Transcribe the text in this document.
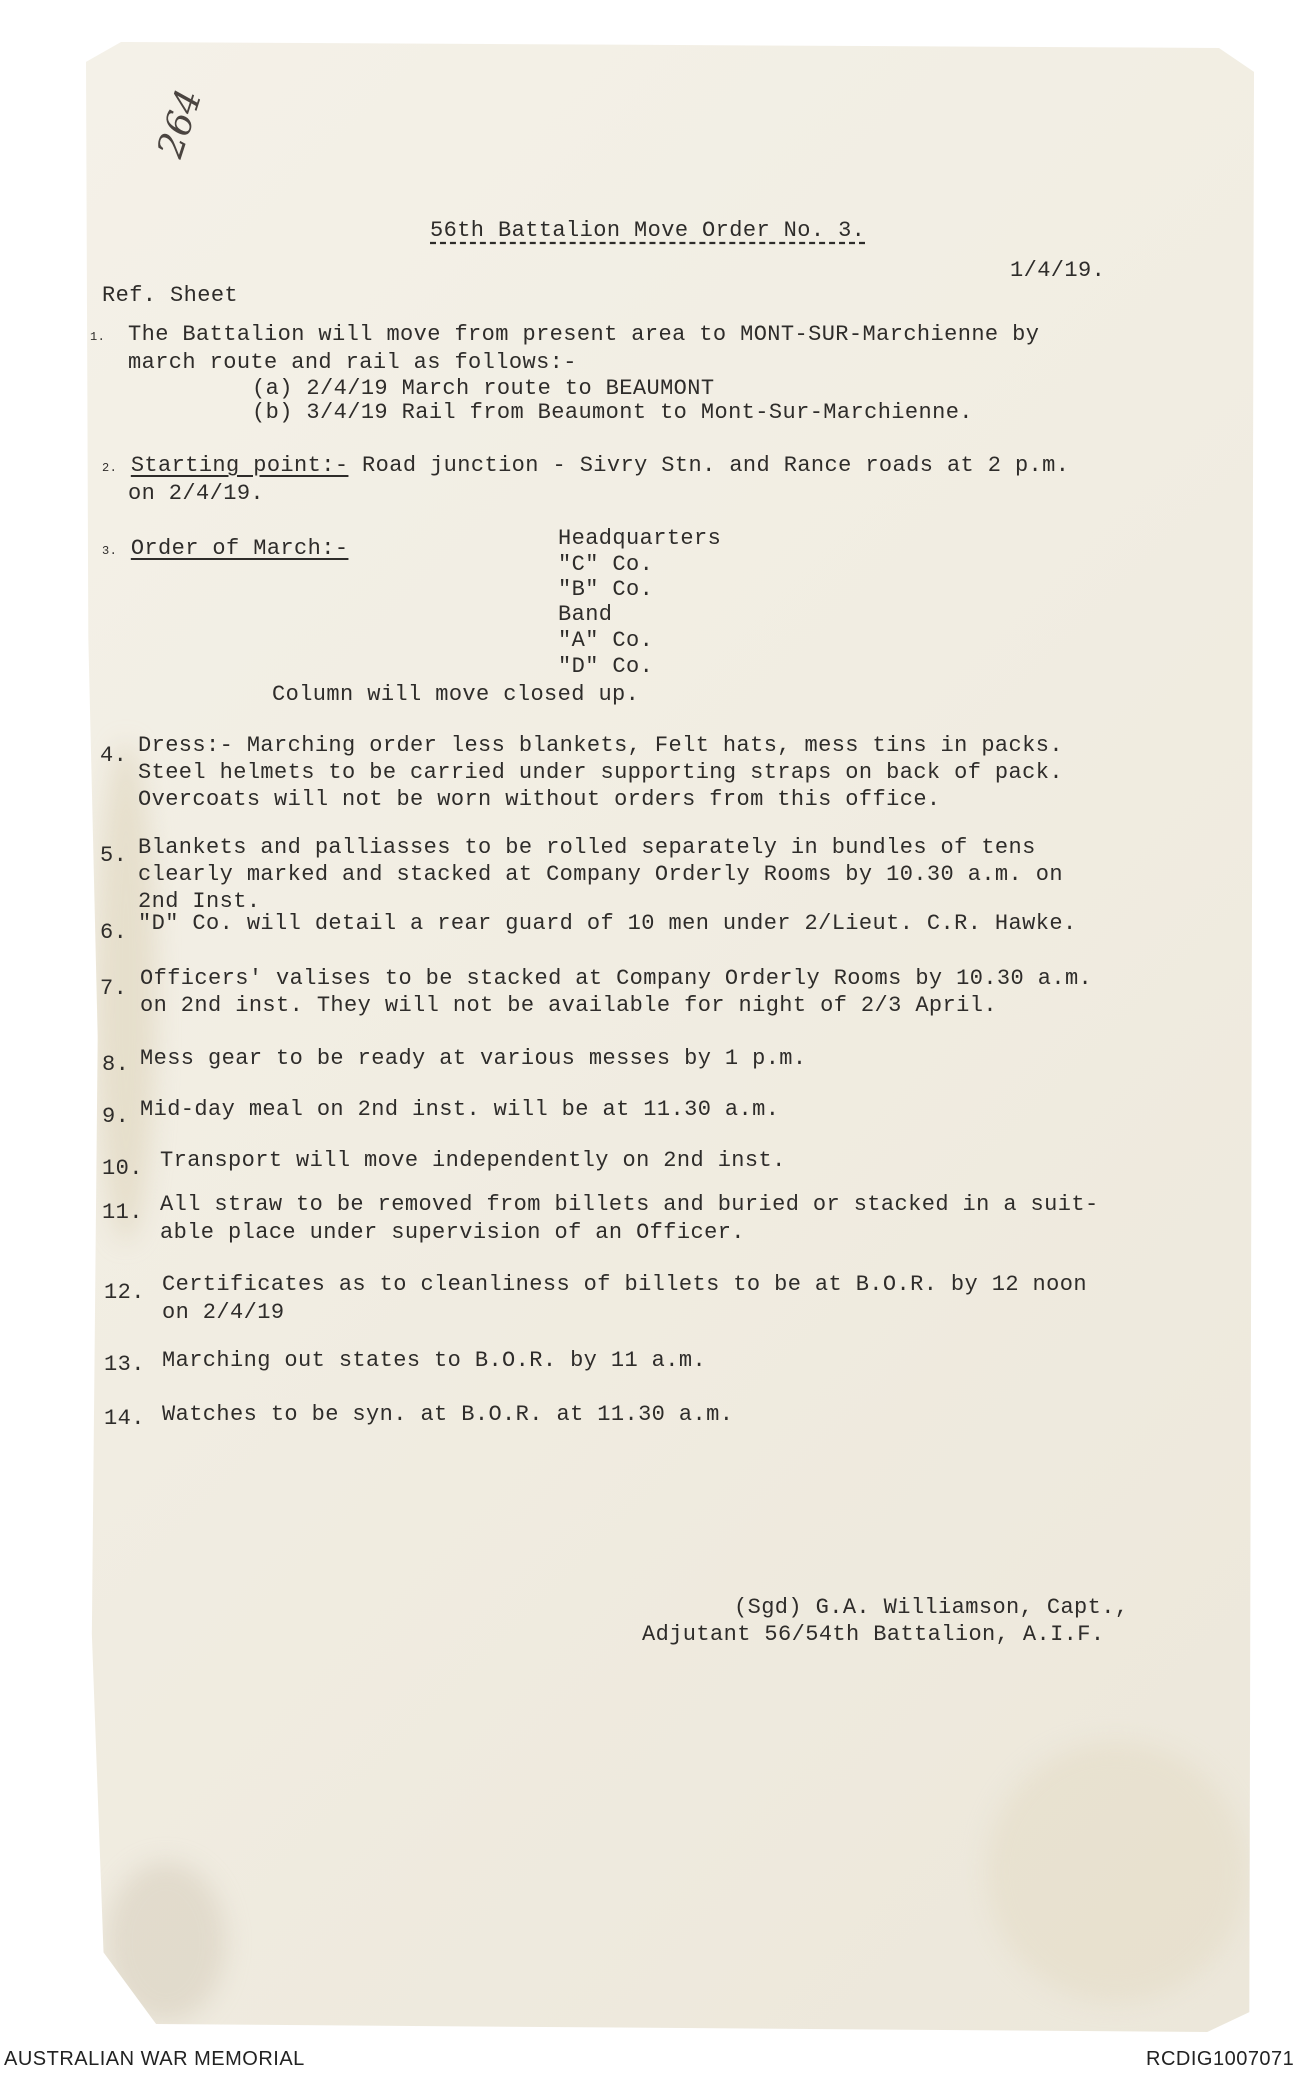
264
56th Battalion Move Order No. 3.
1/4/19.
Ref. Sheet
1. The Battalion will move from present area to MONT-SUR-Marchienne by
march route and rail as follows:-
(a) 2/4/19 March route to BEAUMONT
(b) 3/4/19 Rail from Beaumont to Mont-Sur-Marchienne.
2. Starting point:- Road junction - Sivry Stn. and Rance roads at 2 p.m.
on 2/4/19.
3. Order of March:-	Headquarters
"C" Co.
"B" Co.
Band
"A" Co.
"D" Co.
Column will move closed up.
4. Dress:- Marching order less blankets, Felt hats, mess tins in packs.
Steel helmets to be carried under supporting straps on back of pack.
Overcoats will not be worn without orders from this office.
5. Blankets and palliasses to be rolled separately in bundles of tens
clearly marked and stacked at Company Orderly Rooms by 10.30 a.m. on
2nd Inst.
6. "D" Co. will detail a rear guard of 10 men under 2/Lieut. C.R. Hawke.
7. Officers' valises to be stacked at Company Orderly Rooms by 10.30 a.m.
on 2nd inst. They will not be available for night of 2/3 April.
8. Mess gear to be ready at various messes by 1 p.m.
9. Mid-day meal on 2nd inst. will be at 11.30 a.m.
10. Transport will move independently on 2nd inst.
11. All straw to be removed from billets and buried or stacked in a suit-
able place under supervision of an Officer.
12. Certificates as to cleanliness of billets to be at B.O.R. by 12 noon
on 2/4/19
13. Marching out states to B.O.R. by 11 a.m.
14. Watches to be syn. at B.O.R. at 11.30 a.m.
(Sgd) G.A. Williamson, Capt.,
Adjutant 56/54th Battalion, A.I.F.
AUSTRALIAN WAR MEMORIAL	RCDIG1007071
